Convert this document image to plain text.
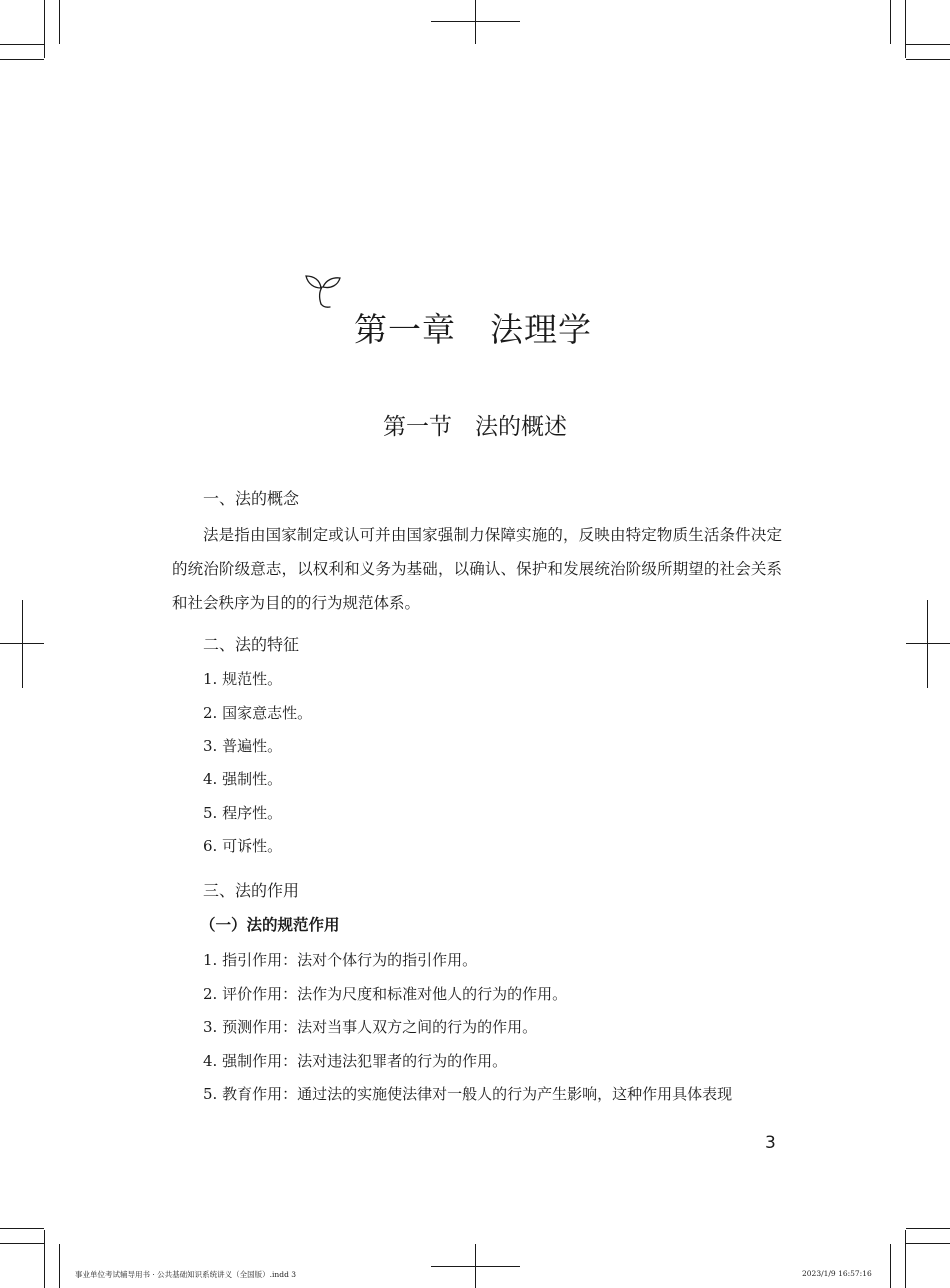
第一章　法理学
第一节　法的概述
一、法的概念

法是指由国家制定或认可并由国家强制力保障实施的，反映由特定物质生活条件决定的统治阶级意志，以权利和义务为基础，以确认、保护和发展统治阶级所期望的社会关系和社会秩序为目的的行为规范体系。

二、法的特征
1. 规范性。
2. 国家意志性。
3. 普遍性。
4. 强制性。
5. 程序性。
6. 可诉性。
三、法的作用
（一）法的规范作用
1. 指引作用：法对个体行为的指引作用。
2. 评价作用：法作为尺度和标准对他人的行为的作用。
3. 预测作用：法对当事人双方之间的行为的作用。
4. 强制作用：法对违法犯罪者的行为的作用。
5. 教育作用：通过法的实施使法律对一般人的行为产生影响，这种作用具体表现
3
事业单位考试辅导用书 · 公共基础知识系统讲义（全国版）.indd 3	2023/1/9 16:57:16
